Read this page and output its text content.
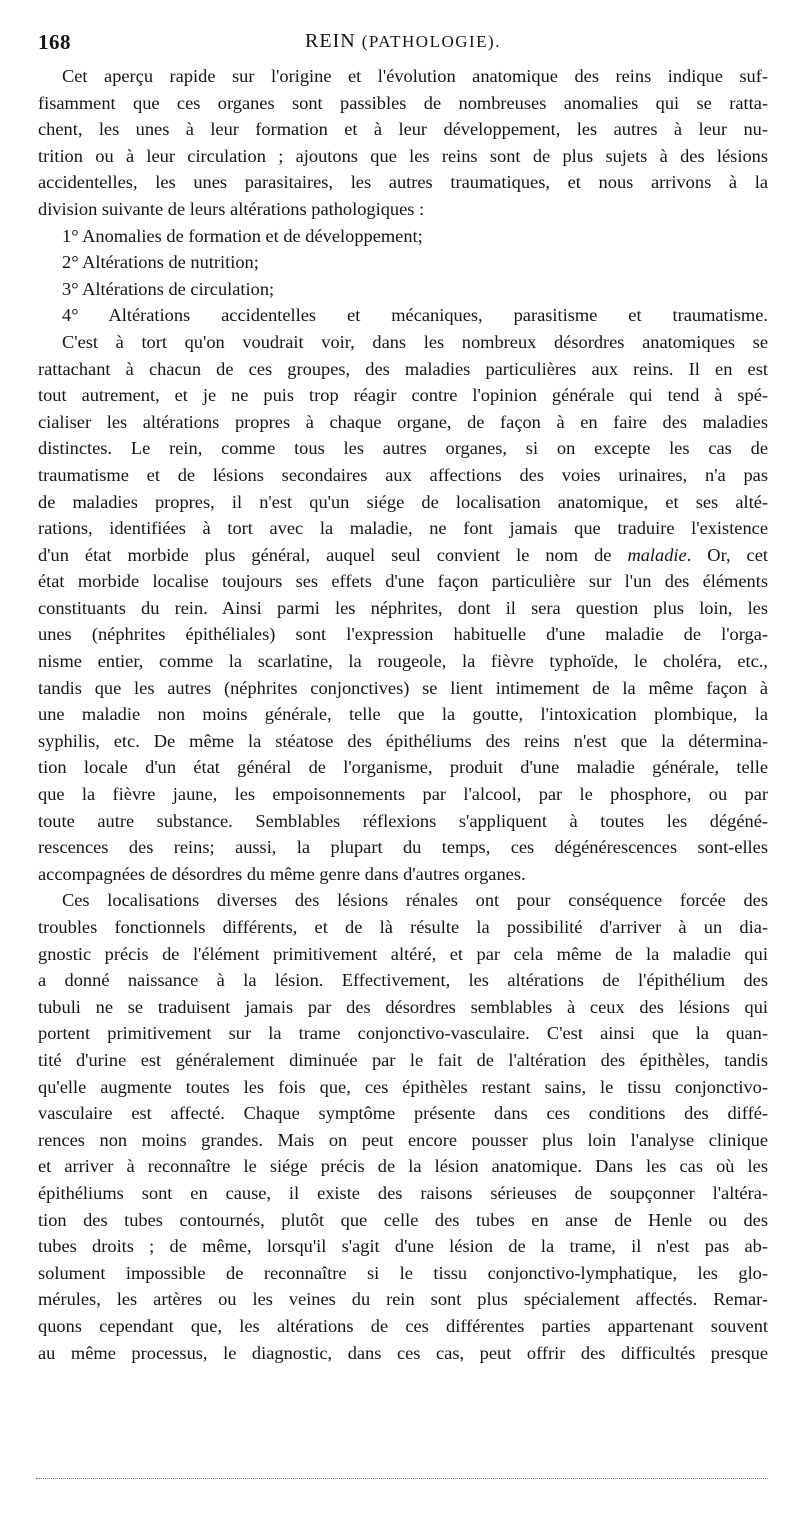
168	REIN (PATHOLOGIE).
Cet aperçu rapide sur l'origine et l'évolution anatomique des reins indique suf-
fisamment que ces organes sont passibles de nombreuses anomalies qui se ratta-
chent, les unes à leur formation et à leur développement, les autres à leur nu-
trition ou à leur circulation ; ajoutons que les reins sont de plus sujets à des lésions
accidentelles, les unes parasitaires, les autres traumatiques, et nous arrivons à la
division suivante de leurs altérations pathologiques :
1° Anomalies de formation et de développement;
2° Altérations de nutrition;
3° Altérations de circulation;
4° Altérations accidentelles et mécaniques, parasitisme et traumatisme.
C'est à tort qu'on voudrait voir, dans les nombreux désordres anatomiques se
rattachant à chacun de ces groupes, des maladies particulières aux reins. Il en est
tout autrement, et je ne puis trop réagir contre l'opinion générale qui tend à spé-
cialiser les altérations propres à chaque organe, de façon à en faire des maladies
distinctes. Le rein, comme tous les autres organes, si on excepte les cas de
traumatisme et de lésions secondaires aux affections des voies urinaires, n'a pas
de maladies propres, il n'est qu'un siége de localisation anatomique, et ses alté-
rations, identifiées à tort avec la maladie, ne font jamais que traduire l'existence
d'un état morbide plus général, auquel seul convient le nom de maladie. Or, cet
état morbide localise toujours ses effets d'une façon particulière sur l'un des éléments
constituants du rein. Ainsi parmi les néphrites, dont il sera question plus loin, les
unes (néphrites épithéliales) sont l'expression habituelle d'une maladie de l'orga-
nisme entier, comme la scarlatine, la rougeole, la fièvre typhoïde, le choléra, etc.,
tandis que les autres (néphrites conjonctives) se lient intimement de la même façon à
une maladie non moins générale, telle que la goutte, l'intoxication plombique, la
syphilis, etc. De même la stéatose des épithéliums des reins n'est que la détermina-
tion locale d'un état général de l'organisme, produit d'une maladie générale, telle
que la fièvre jaune, les empoisonnements par l'alcool, par le phosphore, ou par
toute autre substance. Semblables réflexions s'appliquent à toutes les dégéné-
rescences des reins; aussi, la plupart du temps, ces dégénérescences sont-elles
accompagnées de désordres du même genre dans d'autres organes.
Ces localisations diverses des lésions rénales ont pour conséquence forcée des
troubles fonctionnels différents, et de là résulte la possibilité d'arriver à un dia-
gnostic précis de l'élément primitivement altéré, et par cela même de la maladie qui
a donné naissance à la lésion. Effectivement, les altérations de l'épithélium des
tubuli ne se traduisent jamais par des désordres semblables à ceux des lésions qui
portent primitivement sur la trame conjonctivo-vasculaire. C'est ainsi que la quan-
tité d'urine est généralement diminuée par le fait de l'altération des épithèles, tandis
qu'elle augmente toutes les fois que, ces épithèles restant sains, le tissu conjonctivo-
vasculaire est affecté. Chaque symptôme présente dans ces conditions des diffé-
rences non moins grandes. Mais on peut encore pousser plus loin l'analyse clinique
et arriver à reconnaître le siége précis de la lésion anatomique. Dans les cas où les
épithéliums sont en cause, il existe des raisons sérieuses de soupçonner l'altéra-
tion des tubes contournés, plutôt que celle des tubes en anse de Henle ou des
tubes droits ; de même, lorsqu'il s'agit d'une lésion de la trame, il n'est pas ab-
solument impossible de reconnaître si le tissu conjonctivo-lymphatique, les glo-
mérules, les artères ou les veines du rein sont plus spécialement affectés. Remar-
quons cependant que, les altérations de ces différentes parties appartenant souvent
au même processus, le diagnostic, dans ces cas, peut offrir des difficultés presque
